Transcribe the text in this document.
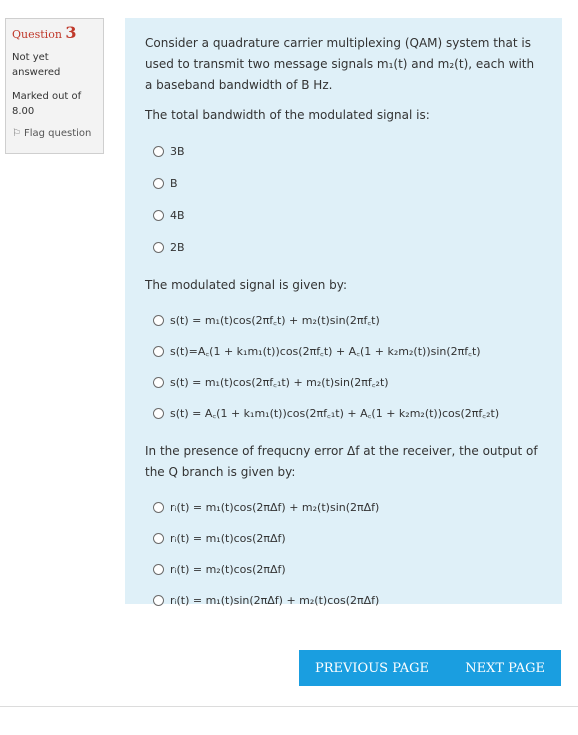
Question 3
Not yet answered
Marked out of
8.00
⚐ Flag question

Consider a quadrature carrier multiplexing (QAM) system that is used to transmit two message signals m₁(t) and m₂(t), each with a baseband bandwidth of B Hz.

The total bandwidth of the modulated signal is:

3B
B
4B
2B

The modulated signal is given by:

s(t) = m₁(t)cos(2πf꜀t) + m₂(t)sin(2πf꜀t)
s(t)=A꜀(1 + k₁m₁(t))cos(2πf꜀t) + A꜀(1 + k₂m₂(t))sin(2πf꜀t)
s(t) = m₁(t)cos(2πf꜀₁t) + m₂(t)sin(2πf꜀₂t)
s(t) = A꜀(1 + k₁m₁(t))cos(2πf꜀₁t) + A꜀(1 + k₂m₂(t))cos(2πf꜀₂t)

In the presence of frequcny error Δf at the receiver, the output of the Q branch is given by:

rᵢ(t) = m₁(t)cos(2πΔf) + m₂(t)sin(2πΔf)
rᵢ(t) = m₁(t)cos(2πΔf)
rᵢ(t) = m₂(t)cos(2πΔf)
rᵢ(t) = m₁(t)sin(2πΔf) + m₂(t)cos(2πΔf)
PREVIOUS PAGE	NEXT PAGE
